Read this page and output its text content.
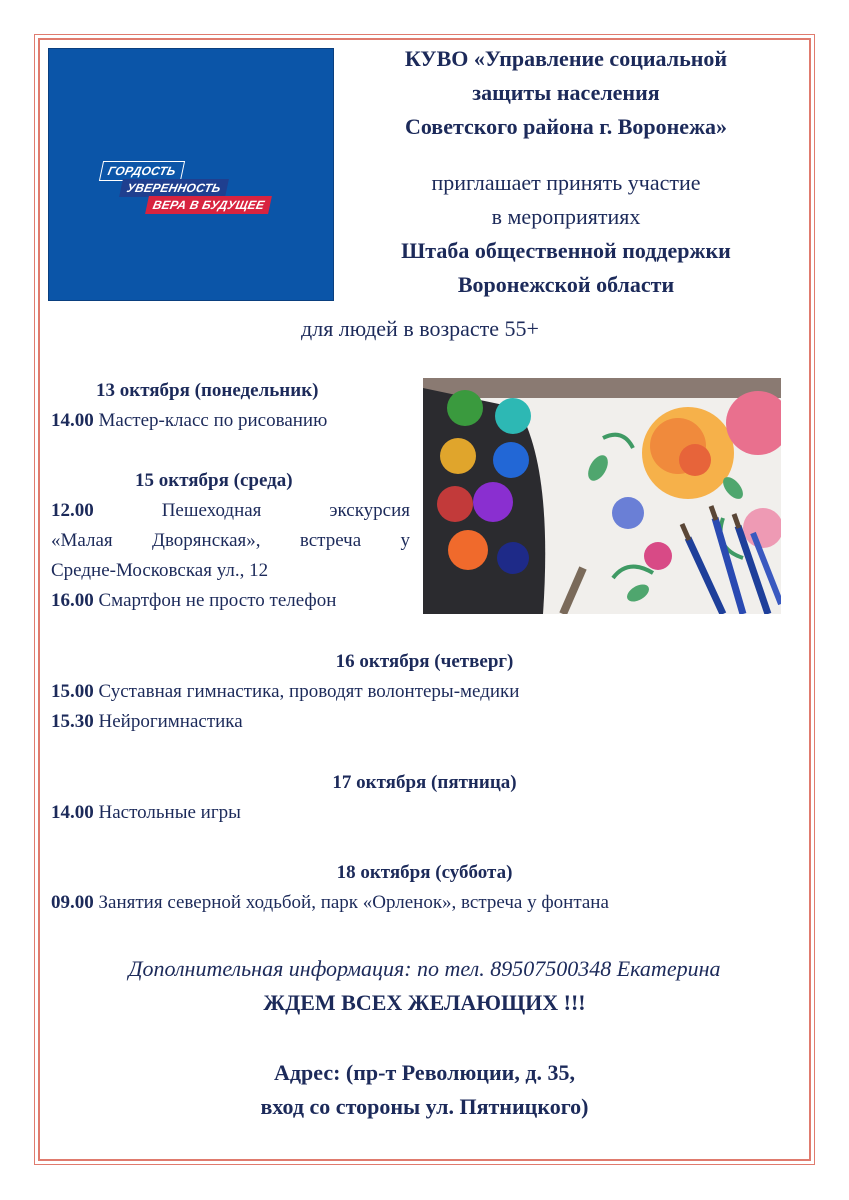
ГОРДОСТЬ
УВЕРЕННОСТЬ
ВЕРА В БУДУЩЕЕ
КУВО «Управление социальной
защиты населения
Советского района г. Воронежа»
приглашает принять участие
в мероприятиях
Штаба общественной поддержки
Воронежской области
для людей в возрасте 55+
13 октября (понедельник)
14.00 Мастер-класс по рисованию
15 октября (среда)
12.00	Пешеходная экскурсия
«Малая Дворянская», встреча у
Средне-Московская ул., 12
16.00 Смартфон не просто телефон
16 октября (четверг)
15.00 Суставная гимнастика, проводят волонтеры-медики
15.30 Нейрогимнастика
17 октября (пятница)
14.00 Настольные игры
18 октября (суббота)
09.00 Занятия северной ходьбой, парк «Орленок», встреча у фонтана
Дополнительная информация: по тел. 89507500348 Екатерина
ЖДЕМ ВСЕХ ЖЕЛАЮЩИХ !!!
Адрес: (пр-т Революции, д. 35,
вход со стороны ул. Пятницкого)
